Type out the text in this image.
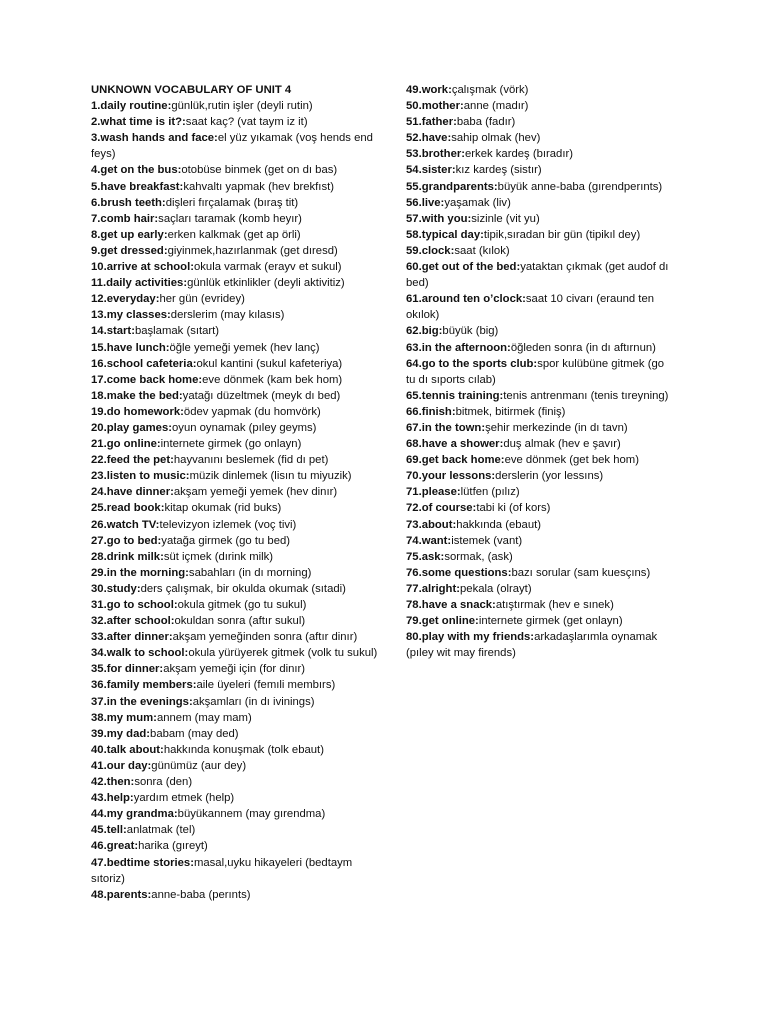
UNKNOWN VOCABULARY OF UNIT 4
1.daily routine:günlük,rutin işler (deyli rutin)
2.what time is it?:saat kaç? (vat taym iz it)
3.wash hands and face:el yüz yıkamak (voş hends end feys)
4.get on the bus:otobüse binmek (get on dı bas)
5.have breakfast:kahvaltı yapmak (hev brekfıst)
6.brush teeth:dişleri fırçalamak (bıraş tit)
7.comb hair:saçları taramak (komb heyır)
8.get up early:erken kalkmak (get ap örli)
9.get dressed:giyinmek,hazırlanmak (get dıresd)
10.arrive at school:okula varmak (erayv et sukul)
11.daily activities:günlük etkinlikler (deyli aktivitiz)
12.everyday:her gün (evridey)
13.my classes:derslerim (may kılasıs)
14.start:başlamak (sıtart)
15.have lunch:öğle yemeği yemek (hev lanç)
16.school cafeteria:okul kantini (sukul kafeteriya)
17.come back home:eve dönmek (kam bek hom)
18.make the bed:yatağı düzeltmek (meyk dı bed)
19.do homework:ödev yapmak (du homvörk)
20.play games:oyun oynamak (pıley geyms)
21.go online:internete girmek (go onlayn)
22.feed the pet:hayvanını beslemek (fid dı pet)
23.listen to music:müzik dinlemek (lisın tu miyuzik)
24.have dinner:akşam yemeği yemek (hev dinır)
25.read book:kitap okumak (rid buks)
26.watch TV:televizyon izlemek (voç tivi)
27.go to bed:yatağa girmek (go tu bed)
28.drink milk:süt içmek (dırink milk)
29.in the morning:sabahları (in dı morning)
30.study:ders çalışmak, bir okulda okumak (sıtadi)
31.go to school:okula gitmek (go tu sukul)
32.after school:okuldan sonra (aftır sukul)
33.after dinner:akşam yemeğinden sonra (aftır dinır)
34.walk to school:okula yürüyerek gitmek (volk tu sukul)
35.for dinner:akşam yemeği için (for dinır)
36.family members:aile üyeleri (femıli membırs)
37.in the evenings:akşamları (in dı ivinings)
38.my mum:annem (may mam)
39.my dad:babam (may ded)
40.talk about:hakkında konuşmak (tolk ebaut)
41.our day:günümüz (aur dey)
42.then:sonra (den)
43.help:yardım etmek (help)
44.my grandma:büyükannem (may gırendma)
45.tell:anlatmak (tel)
46.great:harika (gıreyt)
47.bedtime stories:masal,uyku hikayeleri (bedtaym sıtoriz)
48.parents:anne-baba (perınts)
49.work:çalışmak (vörk)
50.mother:anne (madır)
51.father:baba (fadır)
52.have:sahip olmak (hev)
53.brother:erkek kardeş (bıradır)
54.sister:kız kardeş (sistır)
55.grandparents:büyük anne-baba (gırendperınts)
56.live:yaşamak (liv)
57.with you:sizinle (vit yu)
58.typical day:tipik,sıradan bir gün (tipikıl dey)
59.clock:saat (kılok)
60.get out of the bed:yataktan çıkmak (get audof dı bed)
61.around ten o’clock:saat 10 civarı (eraund ten okılok)
62.big:büyük (big)
63.in the afternoon:öğleden sonra (in dı aftırnun)
64.go to the sports club:spor kulübüne gitmek (go tu dı sıports cılab)
65.tennis training:tenis antrenmanı (tenis tıreyning)
66.finish:bitmek, bitirmek (finiş)
67.in the town:şehir merkezinde (in dı tavn)
68.have a shower:duş almak (hev e şavır)
69.get back home:eve dönmek (get bek hom)
70.your lessons:derslerin (yor lessıns)
71.please:lütfen (pılız)
72.of course:tabi ki (of kors)
73.about:hakkında (ebaut)
74.want:istemek (vant)
75.ask:sormak, (ask)
76.some questions:bazı sorular (sam kuesçıns)
77.alright:pekala (olrayt)
78.have a snack:atıştırmak (hev e sınek)
79.get online:internete girmek (get onlayn)
80.play with my friends:arkadaşlarımla oynamak (pıley wit may firends)
